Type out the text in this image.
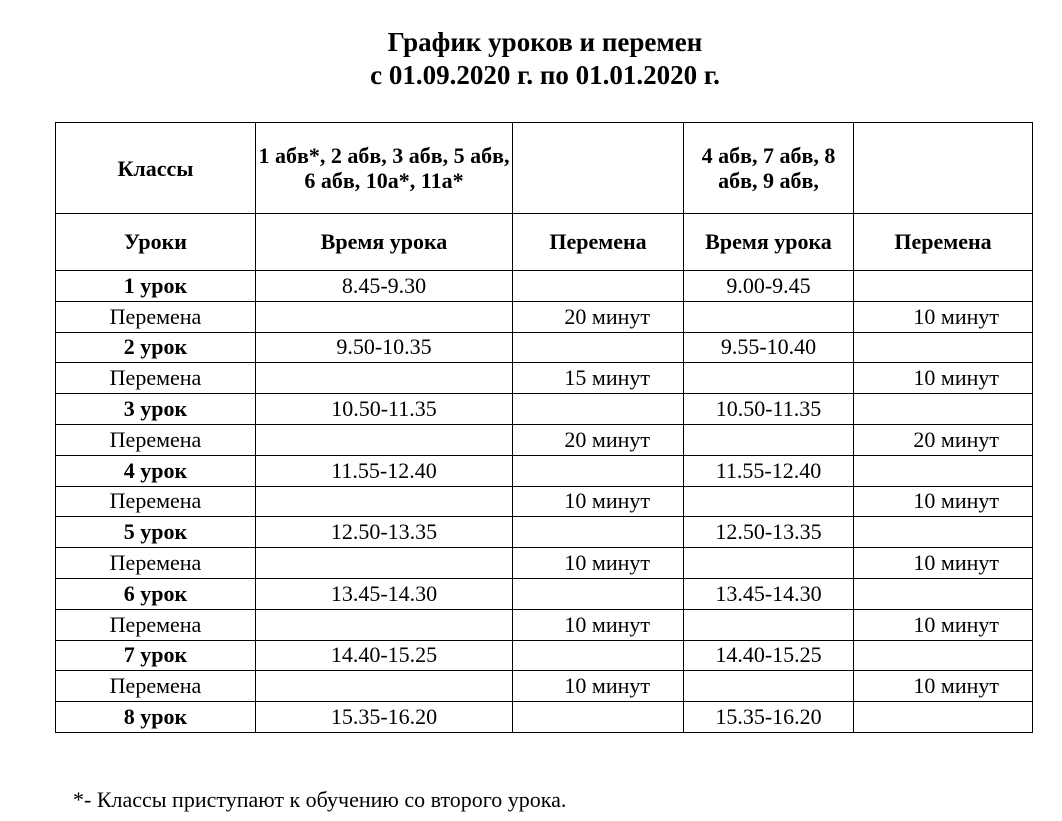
График уроков и перемен
с 01.09.2020 г. по 01.01.2020 г.
Классы	1 абв*, 2 абв, 3 абв, 5 абв, 6 абв, 10а*, 11а*		4 абв, 7 абв, 8 абв, 9 абв,	
Уроки	Время урока	Перемена	Время урока	Перемена
1 урок	8.45-9.30		9.00-9.45	
Перемена		20 минут		10 минут
2 урок	9.50-10.35		9.55-10.40	
Перемена		15 минут		10 минут
3 урок	10.50-11.35		10.50-11.35	
Перемена		20 минут		20 минут
4 урок	11.55-12.40		11.55-12.40	
Перемена		10 минут		10 минут
5 урок	12.50-13.35		12.50-13.35	
Перемена		10 минут		10 минут
6 урок	13.45-14.30		13.45-14.30	
Перемена		10 минут		10 минут
7 урок	14.40-15.25		14.40-15.25	
Перемена		10 минут		10 минут
8 урок	15.35-16.20		15.35-16.20	
*- Классы приступают к обучению со второго урока.
